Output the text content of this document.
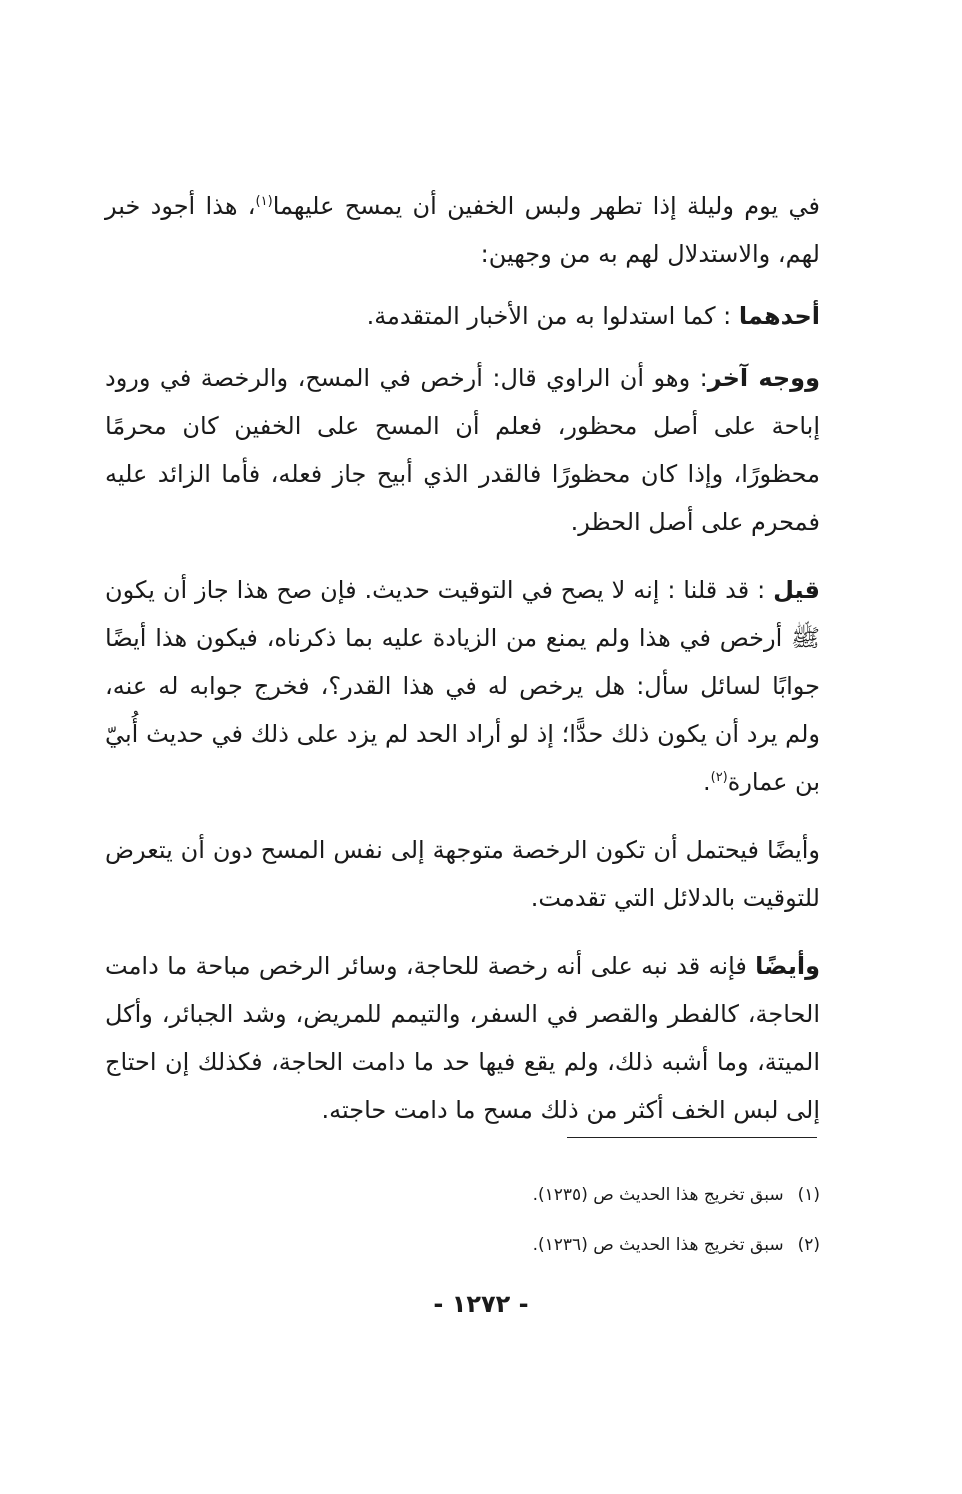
في يوم وليلة إذا تطهر ولبس الخفين أن يمسح عليهما$^{(١)}$، هذا أجود خبر لهم، والاستدلال لهم به من وجهين:

أحدهما : كما استدلوا به من الأخبار المتقدمة.

ووجه آخر: وهو أن الراوي قال: أرخص في المسح، والرخصة في ورود إباحة على أصل محظور، فعلم أن المسح على الخفين كان محرمًا محظورًا، وإذا كان محظورًا فالقدر الذي أبيح جاز فعله، فأما الزائد عليه فمحرم على أصل الحظر.

قيل : قد قلنا : إنه لا يصح في التوقيت حديث. فإن صح هذا جاز أن يكون ﷺ أرخص في هذا ولم يمنع من الزيادة عليه بما ذكرناه، فيكون هذا أيضًا جوابًا لسائل سأل: هل يرخص له في هذا القدر؟، فخرج جوابه له عنه، ولم يرد أن يكون ذلك حدًّا؛ إذ لو أراد الحد لم يزد على ذلك في حديث أُبيّ بن عمارة$^{(٢)}$.

وأيضًا فيحتمل أن تكون الرخصة متوجهة إلى نفس المسح دون أن يتعرض للتوقيت بالدلائل التي تقدمت.

وأيضًا فإنه قد نبه على أنه رخصة للحاجة، وسائر الرخص مباحة ما دامت الحاجة، كالفطر والقصر في السفر، والتيمم للمريض، وشد الجبائر، وأكل الميتة، وما أشبه ذلك، ولم يقع فيها حد ما دامت الحاجة، فكذلك إن احتاج إلى لبس الخف أكثر من ذلك مسح ما دامت حاجته.

(١)سبق تخريج هذا الحديث ص (١٢٣٥).

(٢)سبق تخريج هذا الحديث ص (١٢٣٦).

- ١٢٧٢ -
